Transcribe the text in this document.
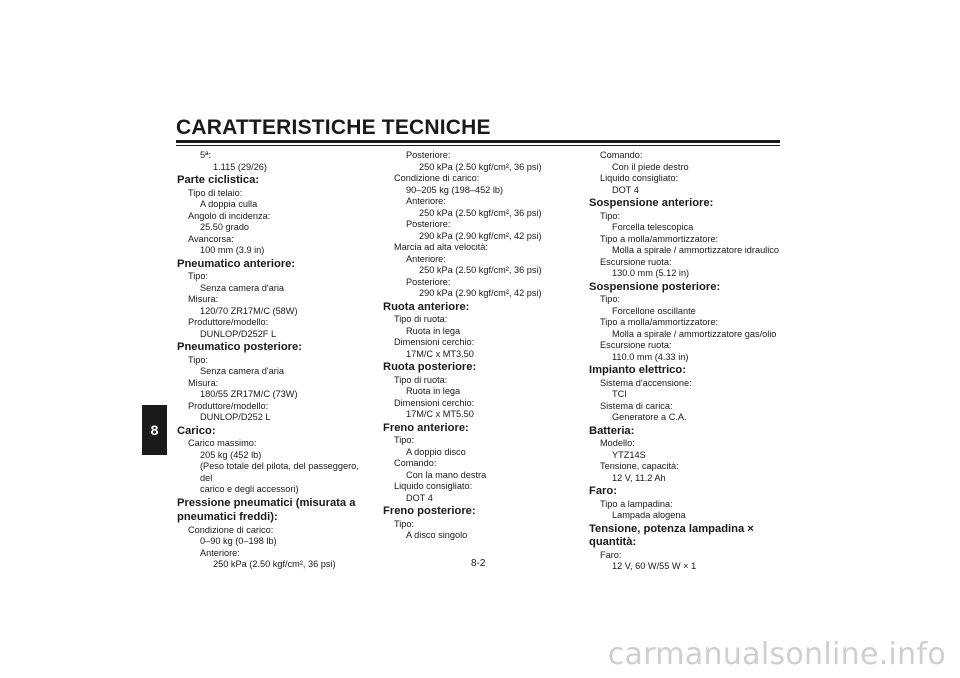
CARATTERISTICHE TECNICHE
8
5ª:
1.115 (29/26)
Parte ciclistica:
Tipo di telaio:
A doppia culla
Angolo di incidenza:
25.50 grado
Avancorsa:
100 mm (3.9 in)
Pneumatico anteriore:
Tipo:
Senza camera d'aria
Misura:
120/70 ZR17M/C (58W)
Produttore/modello:
DUNLOP/D252F L
Pneumatico posteriore:
Tipo:
Senza camera d'aria
Misura:
180/55 ZR17M/C (73W)
Produttore/modello:
DUNLOP/D252 L
Carico:
Carico massimo:
205 kg (452 lb)
(Peso totale del pilota, del passeggero, del
carico e degli accessori)
Pressione pneumatici (misurata a
pneumatici freddi):
Condizione di carico:
0–90 kg (0–198 lb)
Anteriore:
250 kPa (2.50 kgf/cm², 36 psi)
Posteriore:
250 kPa (2.50 kgf/cm², 36 psi)
Condizione di carico:
90–205 kg (198–452 lb)
Anteriore:
250 kPa (2.50 kgf/cm², 36 psi)
Posteriore:
290 kPa (2.90 kgf/cm², 42 psi)
Marcia ad alta velocità:
Anteriore:
250 kPa (2.50 kgf/cm², 36 psi)
Posteriore:
290 kPa (2.90 kgf/cm², 42 psi)
Ruota anteriore:
Tipo di ruota:
Ruota in lega
Dimensioni cerchio:
17M/C x MT3.50
Ruota posteriore:
Tipo di ruota:
Ruota in lega
Dimensioni cerchio:
17M/C x MT5.50
Freno anteriore:
Tipo:
A doppio disco
Comando:
Con la mano destra
Liquido consigliato:
DOT 4
Freno posteriore:
Tipo:
A disco singolo
Comando:
Con il piede destro
Liquido consigliato:
DOT 4
Sospensione anteriore:
Tipo:
Forcella telescopica
Tipo a molla/ammortizzatore:
Molla a spirale / ammortizzatore idraulico
Escursione ruota:
130.0 mm (5.12 in)
Sospensione posteriore:
Tipo:
Forcellone oscillante
Tipo a molla/ammortizzatore:
Molla a spirale / ammortizzatore gas/olio
Escursione ruota:
110.0 mm (4.33 in)
Impianto elettrico:
Sistema d'accensione:
TCI
Sistema di carica:
Generatore a C.A.
Batteria:
Modello:
YTZ14S
Tensione, capacità:
12 V, 11.2 Ah
Faro:
Tipo a lampadina:
Lampada alogena
Tensione, potenza lampadina × quantità:
Faro:
12 V, 60 W/55 W × 1
8-2
carmanualsonline.info
